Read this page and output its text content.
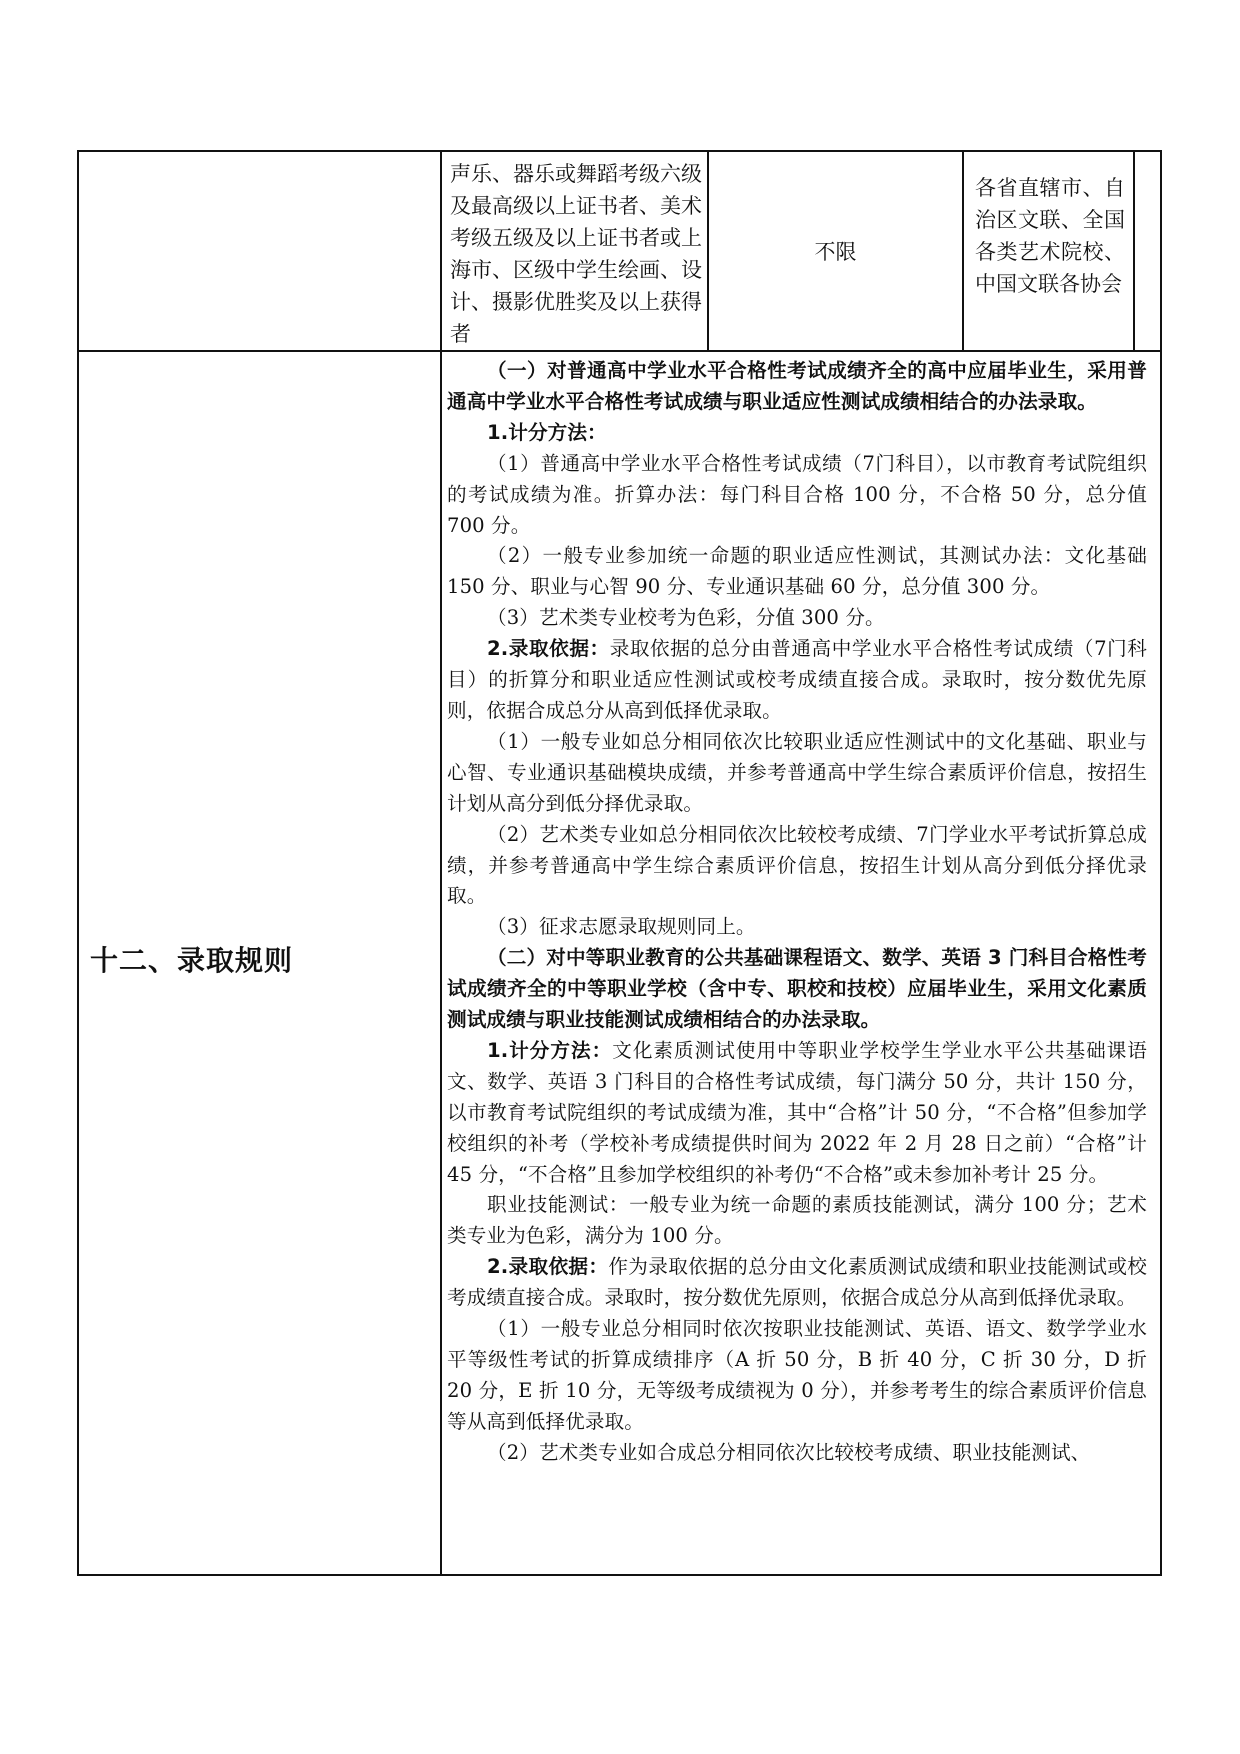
声乐、器乐或舞蹈考级六级及最高级以上证书者、美术考级五级及以上证书者或上海市、区级中学生绘画、设计、摄影优胜奖及以上获得者
不限
各省直辖市、自治区文联、全国各类艺术院校、中国文联各协会
十二、录取规则

（一）对普通高中学业水平合格性考试成绩齐全的高中应届毕业生，采用普通高中学业水平合格性考试成绩与职业适应性测试成绩相结合的办法录取。

1.计分方法：

（1）普通高中学业水平合格性考试成绩（7门科目），以市教育考试院组织的考试成绩为准。折算办法：每门科目合格 100 分，不合格 50 分，总分值 700 分。

（2）一般专业参加统一命题的职业适应性测试，其测试办法：文化基础 150 分、职业与心智 90 分、专业通识基础 60 分，总分值 300 分。

（3）艺术类专业校考为色彩，分值 300 分。

2.录取依据：录取依据的总分由普通高中学业水平合格性考试成绩（7门科目）的折算分和职业适应性测试或校考成绩直接合成。录取时，按分数优先原则，依据合成总分从高到低择优录取。

（1）一般专业如总分相同依次比较职业适应性测试中的文化基础、职业与心智、专业通识基础模块成绩，并参考普通高中学生综合素质评价信息，按招生计划从高分到低分择优录取。

（2）艺术类专业如总分相同依次比较校考成绩、7门学业水平考试折算总成绩，并参考普通高中学生综合素质评价信息，按招生计划从高分到低分择优录取。

（3）征求志愿录取规则同上。

（二）对中等职业教育的公共基础课程语文、数学、英语 3 门科目合格性考试成绩齐全的中等职业学校（含中专、职校和技校）应届毕业生，采用文化素质测试成绩与职业技能测试成绩相结合的办法录取。

1.计分方法：文化素质测试使用中等职业学校学生学业水平公共基础课语文、数学、英语 3 门科目的合格性考试成绩，每门满分 50 分，共计 150 分，以市教育考试院组织的考试成绩为准，其中“合格”计 50 分，“不合格”但参加学校组织的补考（学校补考成绩提供时间为 2022 年 2 月 28 日之前）“合格”计 45 分，“不合格”且参加学校组织的补考仍“不合格”或未参加补考计 25 分。

职业技能测试：一般专业为统一命题的素质技能测试，满分 100 分；艺术类专业为色彩，满分为 100 分。

2.录取依据：作为录取依据的总分由文化素质测试成绩和职业技能测试或校考成绩直接合成。录取时，按分数优先原则，依据合成总分从高到低择优录取。

（1）一般专业总分相同时依次按职业技能测试、英语、语文、数学学业水平等级性考试的折算成绩排序（A 折 50 分，B 折 40 分，C 折 30 分，D 折 20 分，E 折 10 分，无等级考成绩视为 0 分），并参考考生的综合素质评价信息等从高到低择优录取。

（2）艺术类专业如合成总分相同依次比较校考成绩、职业技能测试、
